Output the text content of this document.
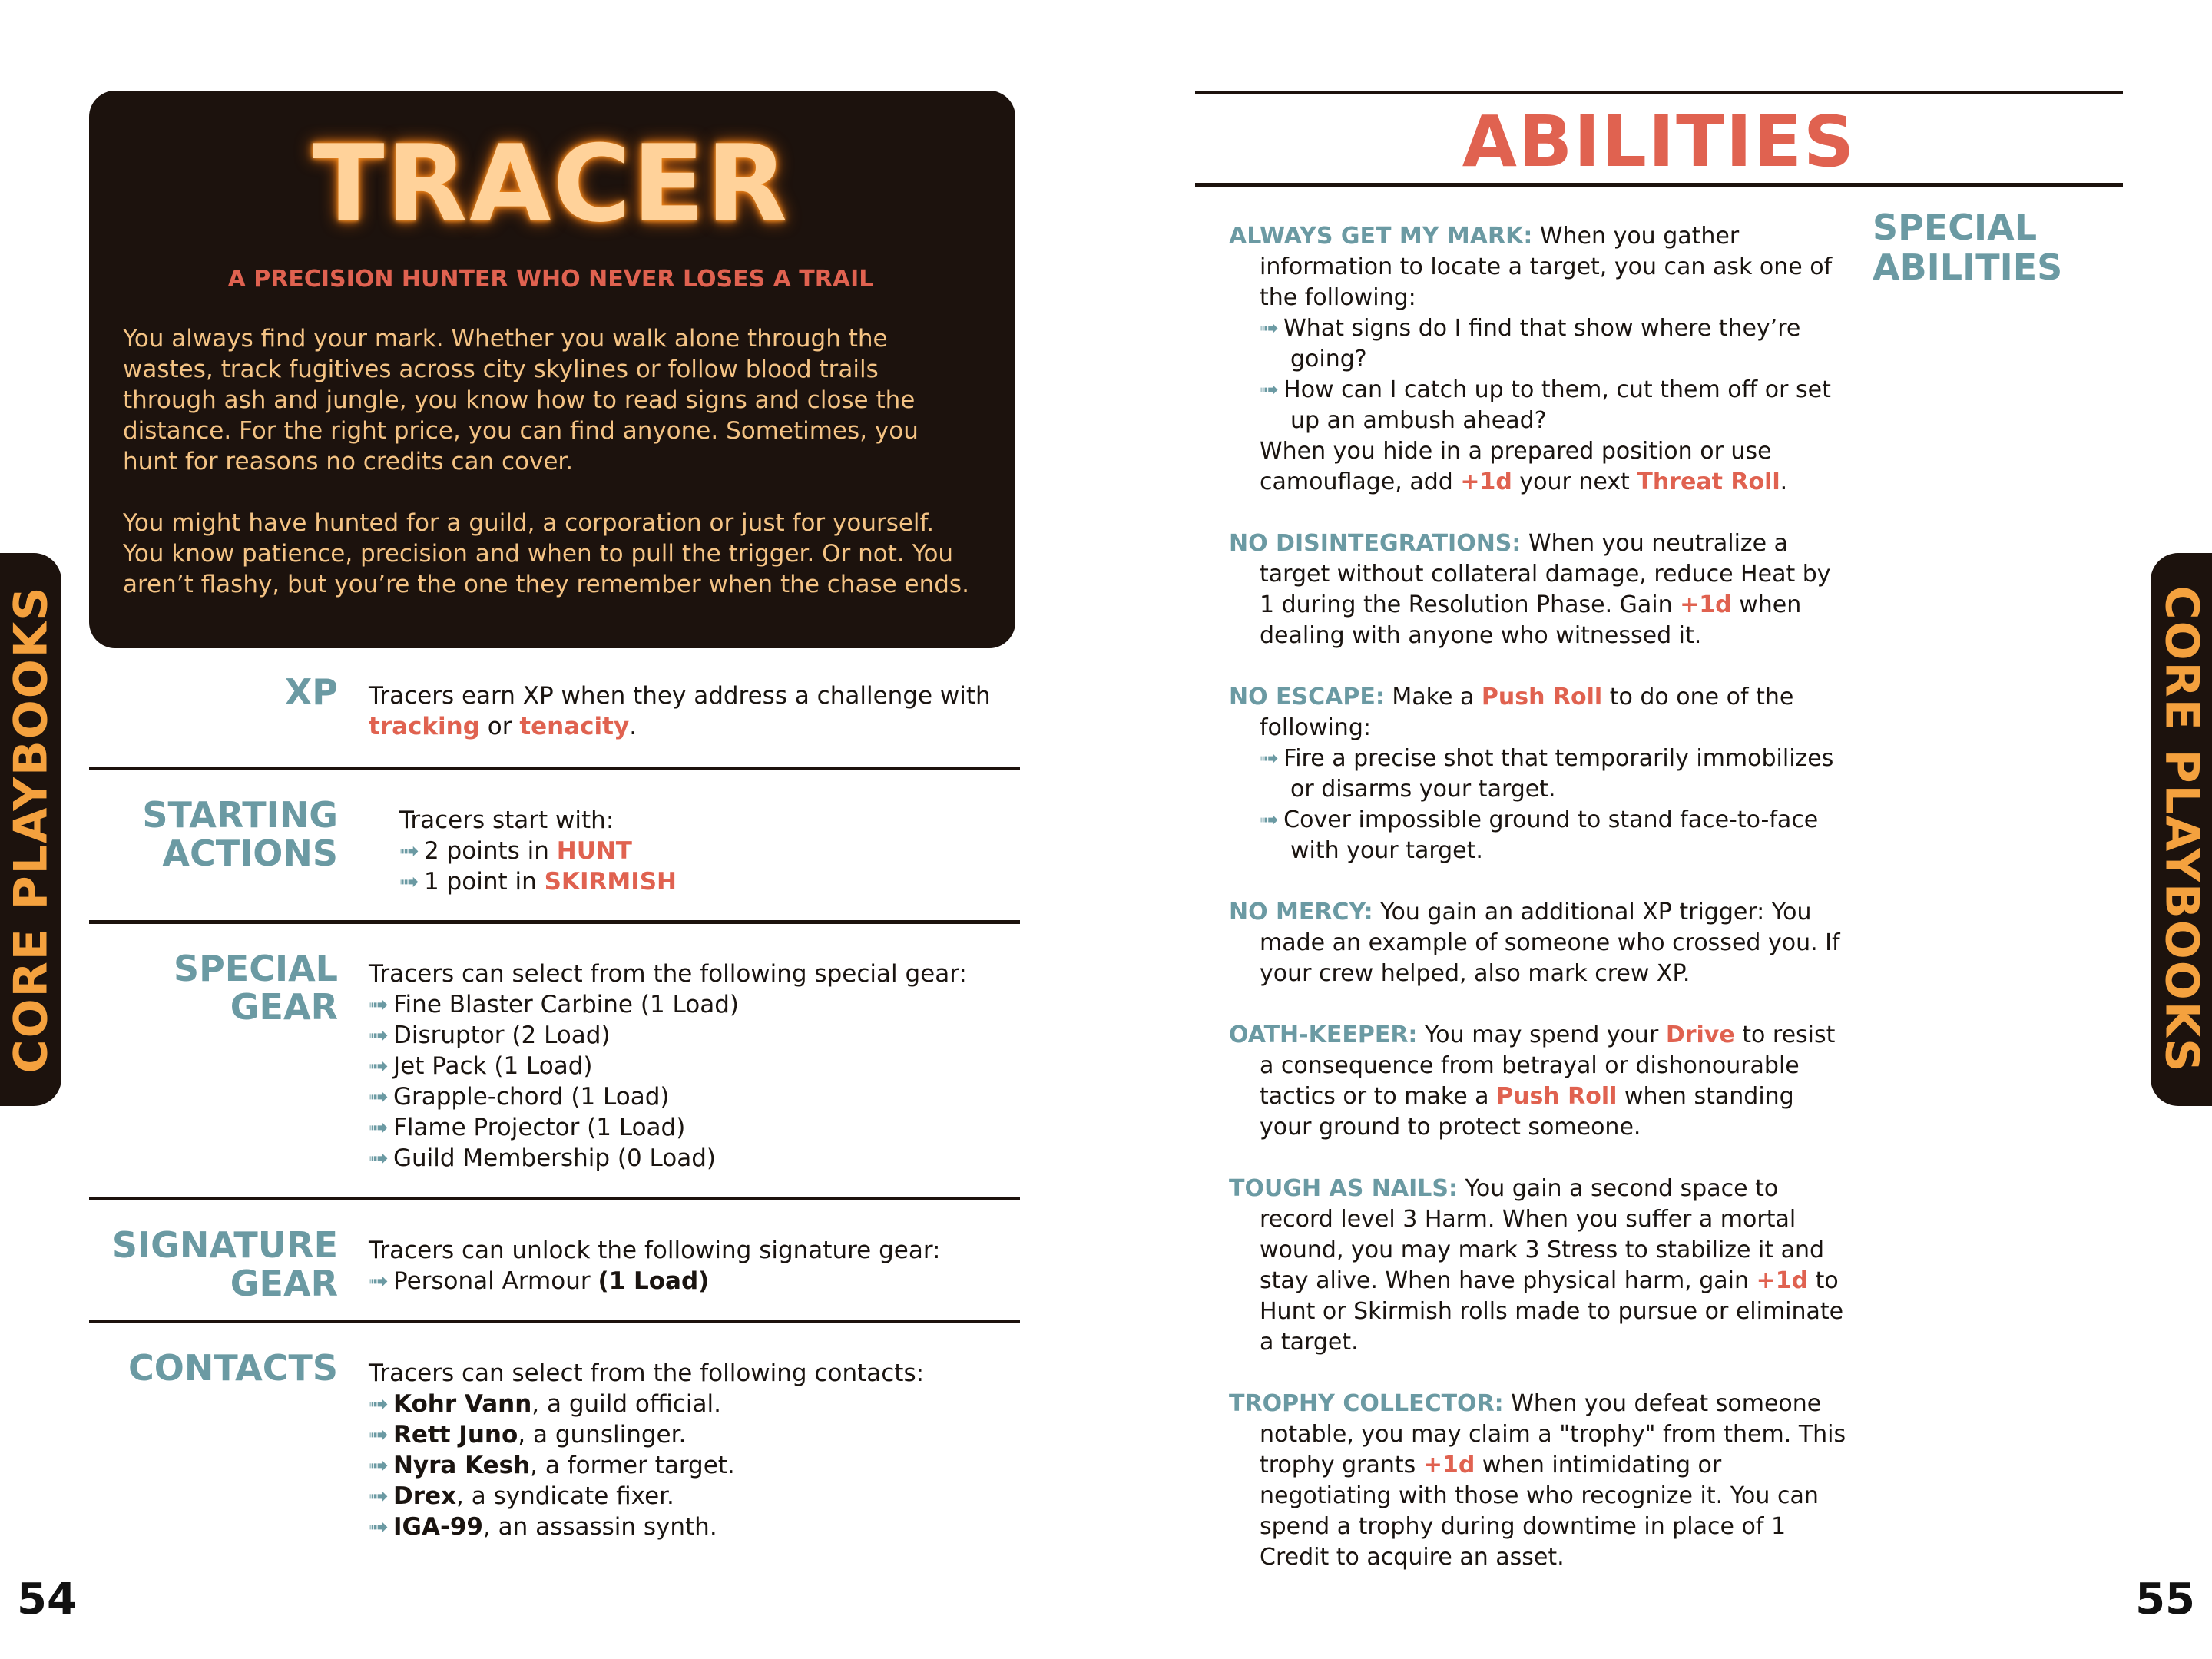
CORE PLAYBOOKS	CORE PLAYBOOKS
54	55
TRACER
A PRECISION HUNTER WHO NEVER LOSES A TRAIL

You always find your mark. Whether you walk alone through the wastes, track fugitives across city skylines or follow blood trails through ash and jungle, you know how to read signs and close the distance. For the right price, you can find anyone. Sometimes, you hunt for reasons no credits can cover.

You might have hunted for a guild, a corporation or just for yourself. You know patience, precision and when to pull the trigger. Or not. You aren’t flashy, but you’re the one they remember when the chase ends.

XP Tracers earn XP when they address a challenge with tracking or tenacity.
STARTING
ACTIONS
Tracers start with:
➟ 2 points in HUNT
➟ 1 point in SKIRMISH
SPECIAL
GEAR
Tracers can select from the following special gear:
➟ Fine Blaster Carbine (1 Load)
➟ Disruptor (2 Load)
➟ Jet Pack (1 Load)
➟ Grapple-chord (1 Load)
➟ Flame Projector (1 Load)
➟ Guild Membership (0 Load)
SIGNATURE
GEAR
Tracers can unlock the following signature gear:
➟ Personal Armour (1 Load)
CONTACTS Tracers can select from the following contacts:
➟ Kohr Vann, a guild official.
➟ Rett Juno, a gunslinger.
➟ Nyra Kesh, a former target.
➟ Drex, a syndicate fixer.
➟ IGA-99, an assassin synth.
ABILITIES
SPECIAL
ABILITIES
ALWAYS GET MY MARK: When you gather information to locate a target, you can ask one of the following:
➟ What signs do I find that show where they’re going?
➟ How can I catch up to them, cut them off or set up an ambush ahead?
When you hide in a prepared position or use camouflage, add +1d your next Threat Roll.
NO DISINTEGRATIONS: When you neutralize a target without collateral damage, reduce Heat by 1 during the Resolution Phase. Gain +1d when dealing with anyone who witnessed it.
NO ESCAPE: Make a Push Roll to do one of the following:
➟ Fire a precise shot that temporarily immobilizes or disarms your target.
➟ Cover impossible ground to stand face-to-face with your target.
NO MERCY: You gain an additional XP trigger: You made an example of someone who crossed you. If your crew helped, also mark crew XP.
OATH-KEEPER: You may spend your Drive to resist a consequence from betrayal or dishonourable tactics or to make a Push Roll when standing your ground to protect someone.
TOUGH AS NAILS: You gain a second space to record level 3 Harm. When you suffer a mortal wound, you may mark 3 Stress to stabilize it and stay alive. When have physical harm, gain +1d to Hunt or Skirmish rolls made to pursue or eliminate a target.
TROPHY COLLECTOR: When you defeat someone notable, you may claim a "trophy" from them. This trophy grants +1d when intimidating or negotiating with those who recognize it. You can spend a trophy during downtime in place of 1 Credit to acquire an asset.
